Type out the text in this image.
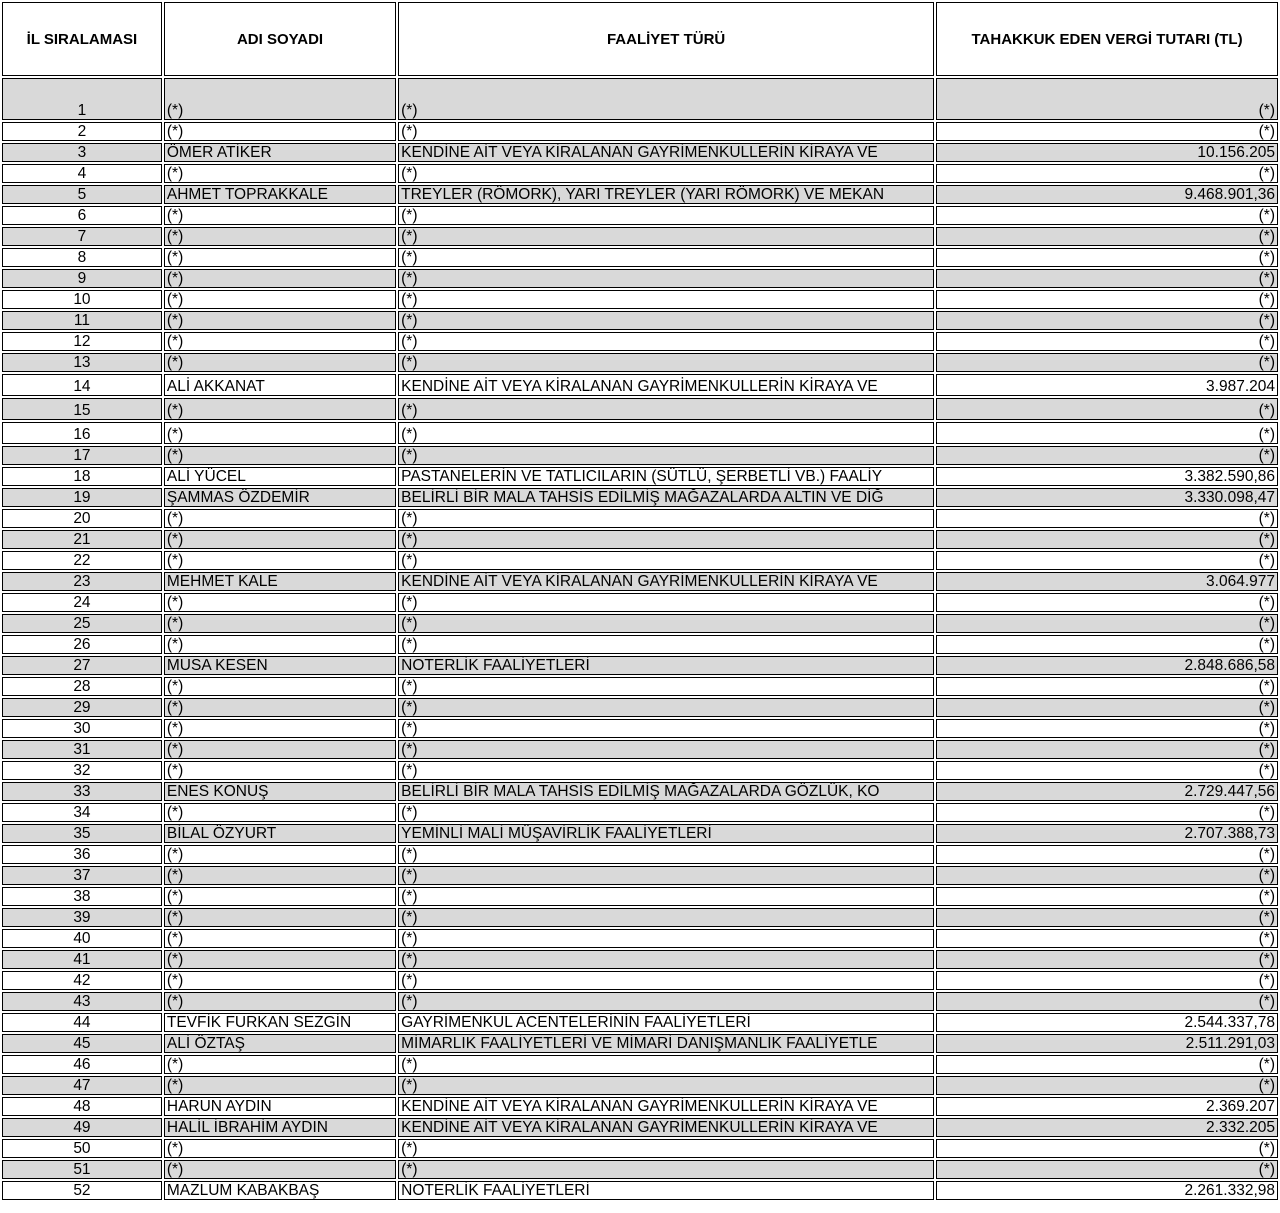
İL SIRALAMASI	ADI SOYADI	FAALİYET TÜRÜ	TAHAKKUK EDEN VERGİ TUTARI (TL)
1	(*)	(*)	(*)
2	(*)	(*)	(*)
3	ÖMER ATİKER	KENDİNE AİT VEYA KİRALANAN GAYRİMENKULLERİN KİRAYA VE	10.156.205
4	(*)	(*)	(*)
5	AHMET TOPRAKKALE	TREYLER (RÖMORK), YARI TREYLER (YARI RÖMORK) VE MEKAN	9.468.901,36
6	(*)	(*)	(*)
7	(*)	(*)	(*)
8	(*)	(*)	(*)
9	(*)	(*)	(*)
10	(*)	(*)	(*)
11	(*)	(*)	(*)
12	(*)	(*)	(*)
13	(*)	(*)	(*)
14	ALİ AKKANAT	KENDİNE AİT VEYA KİRALANAN GAYRİMENKULLERİN KİRAYA VE	3.987.204
15	(*)	(*)	(*)
16	(*)	(*)	(*)
17	(*)	(*)	(*)
18	ALİ YÜCEL	PASTANELERİN VE TATLICILARIN (SÜTLÜ, ŞERBETLİ VB.) FAALİY	3.382.590,86
19	ŞAMMAS ÖZDEMİR	BELİRLİ BİR MALA TAHSİS EDİLMİŞ MAĞAZALARDA ALTIN VE DİĞ	3.330.098,47
20	(*)	(*)	(*)
21	(*)	(*)	(*)
22	(*)	(*)	(*)
23	MEHMET KALE	KENDİNE AİT VEYA KİRALANAN GAYRİMENKULLERİN KİRAYA VE	3.064.977
24	(*)	(*)	(*)
25	(*)	(*)	(*)
26	(*)	(*)	(*)
27	MUSA KESEN	NOTERLİK FAALİYETLERİ	2.848.686,58
28	(*)	(*)	(*)
29	(*)	(*)	(*)
30	(*)	(*)	(*)
31	(*)	(*)	(*)
32	(*)	(*)	(*)
33	ENES KONUŞ	BELİRLİ BİR MALA TAHSİS EDİLMİŞ MAĞAZALARDA GÖZLÜK, KO	2.729.447,56
34	(*)	(*)	(*)
35	BİLAL ÖZYURT	YEMİNLİ MALİ MÜŞAVİRLİK FAALİYETLERİ	2.707.388,73
36	(*)	(*)	(*)
37	(*)	(*)	(*)
38	(*)	(*)	(*)
39	(*)	(*)	(*)
40	(*)	(*)	(*)
41	(*)	(*)	(*)
42	(*)	(*)	(*)
43	(*)	(*)	(*)
44	TEVFİK FURKAN SEZGİN	GAYRİMENKUL ACENTELERİNİN FAALİYETLERİ	2.544.337,78
45	ALİ ÖZTAŞ	MİMARLIK FAALİYETLERİ VE MİMARİ DANIŞMANLIK FAALİYETLE	2.511.291,03
46	(*)	(*)	(*)
47	(*)	(*)	(*)
48	HARUN AYDIN	KENDİNE AİT VEYA KİRALANAN GAYRİMENKULLERİN KİRAYA VE	2.369.207
49	HALİL İBRAHİM AYDIN	KENDİNE AİT VEYA KİRALANAN GAYRİMENKULLERİN KİRAYA VE	2.332.205
50	(*)	(*)	(*)
51	(*)	(*)	(*)
52	MAZLUM KABAKBAŞ	NOTERLİK FAALİYETLERİ	2.261.332,98
